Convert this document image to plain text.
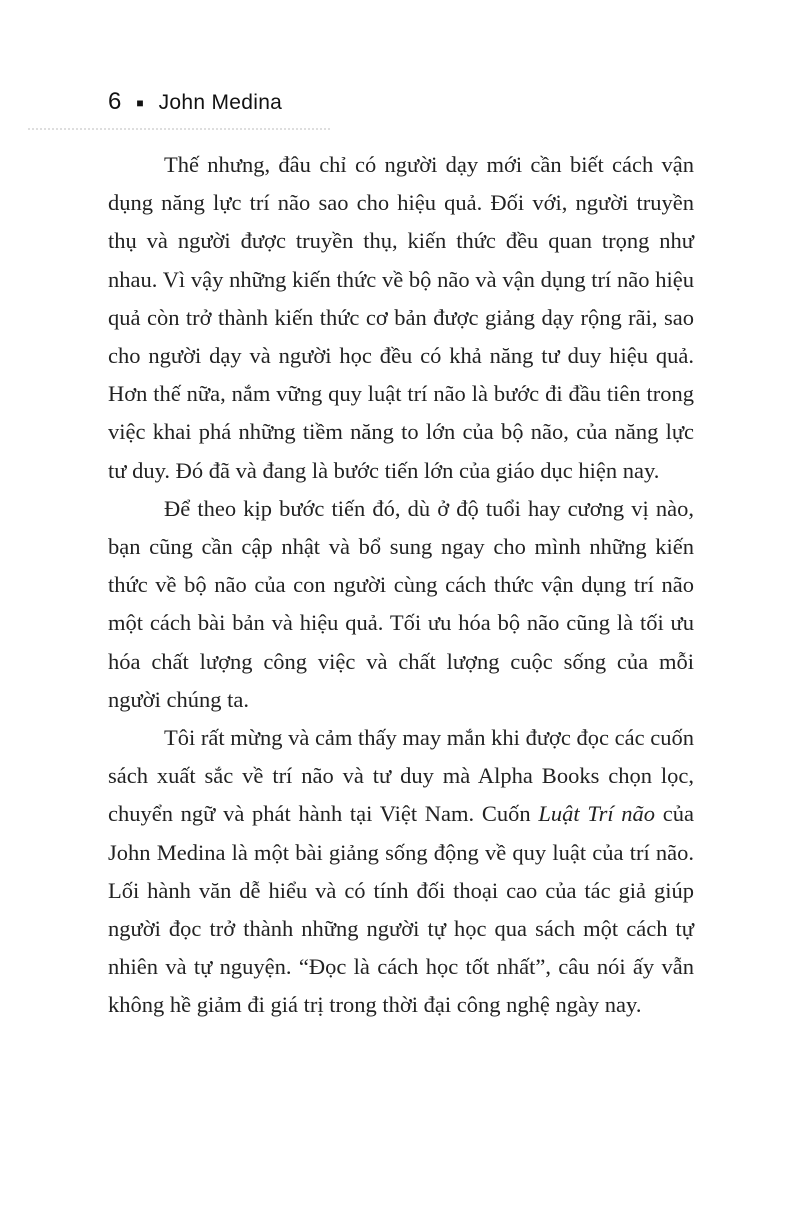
6 ■ John Medina

Thế nhưng, đâu chỉ có người dạy mới cần biết cách vận dụng năng lực trí não sao cho hiệu quả. Đối với, người truyền thụ và người được truyền thụ, kiến thức đều quan trọng như nhau. Vì vậy những kiến thức về bộ não và vận dụng trí não hiệu quả còn trở thành kiến thức cơ bản được giảng dạy rộng rãi, sao cho người dạy và người học đều có khả năng tư duy hiệu quả. Hơn thế nữa, nắm vững quy luật trí não là bước đi đầu tiên trong việc khai phá những tiềm năng to lớn của bộ não, của năng lực tư duy. Đó đã và đang là bước tiến lớn của giáo dục hiện nay.

Để theo kịp bước tiến đó, dù ở độ tuổi hay cương vị nào, bạn cũng cần cập nhật và bổ sung ngay cho mình những kiến thức về bộ não của con người cùng cách thức vận dụng trí não một cách bài bản và hiệu quả. Tối ưu hóa bộ não cũng là tối ưu hóa chất lượng công việc và chất lượng cuộc sống của mỗi người chúng ta.

Tôi rất mừng và cảm thấy may mắn khi được đọc các cuốn sách xuất sắc về trí não và tư duy mà Alpha Books chọn lọc, chuyển ngữ và phát hành tại Việt Nam. Cuốn Luật Trí não của John Medina là một bài giảng sống động về quy luật của trí não. Lối hành văn dễ hiểu và có tính đối thoại cao của tác giả giúp người đọc trở thành những người tự học qua sách một cách tự nhiên và tự nguyện. “Đọc là cách học tốt nhất”, câu nói ấy vẫn không hề giảm đi giá trị trong thời đại công nghệ ngày nay.
